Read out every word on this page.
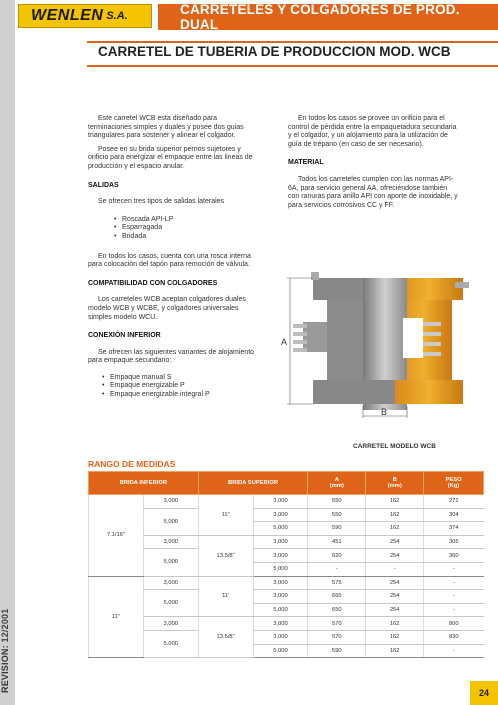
REVISION: 12/2001
WENLEN S.A.	CARRETELES Y COLGADORES DE PROD. DUAL
CARRETEL DE TUBERIA DE PRODUCCION MOD. WCB

Este carretel WCB esta diseñado para terminaciones simples y duales y posee dos guias triangulares para sostener y alinear el colgador.

Posee en su brida superior pernos sujetores y orificio para energizar el empaque entre las lineas de producción y el espacio anular.

SALIDAS

Se ofrecen tres tipos de salidas laterales

• Roscada API-LP
• Esparragada
• Bridada

En todos los casos, cuenta con una rosca interna para colocación del tapón para remoción de válvula.

COMPATIBILIDAD CON COLGADORES

Los carreteles WCB aceptan colgadores duales modelo WCB y WCBE, y colgadores universales simples modelo WCU.

CONEXIÓN INFERIOR

Se ofrecen las siguientes variantes de alojamiento para empaque secundario:

• Empaque manual S
• Empaque energizable P
• Empaque energizable integral P

En todos los casos se provee un orificio para el control de pérdida entre la empaquetadura secundaria y el colgador, y un alojamiento para la utilización de guía de trépano (en caso de ser necesario).

MATERIAL

Todos los carreteles cumplen con las normas API-6A, para servicio general AA, ofreciéndose también con ranuras para anillo API con aporte de inoxidable, y para servicios corrosivos CC y FF.

A
B
CARRETEL MODELO WCB
RANGO DE MEDIDAS
BRIDA INFERIOR		BRIDA SUPERIOR		A
(mm)	B
(mm)	PESO
(Kg)
7.1/16"	3,000	11"	3,000	550	162	272
	5,000		3,000	550	162	304
			5,000	590	162	374
	3,000	13.5/8"	3,000	451	254	305
	5,000		3,000	620	254	360
			5,000	-	-	-
11"	3,000	11'	3,000	575	254	-
	5,000		3,000	665	254	-
			5,000	650	254	-
	3,000	13.5/8"	3,000	570	162	800
	5,000		3,000	570	162	830
			5,000	590	162	-
24
